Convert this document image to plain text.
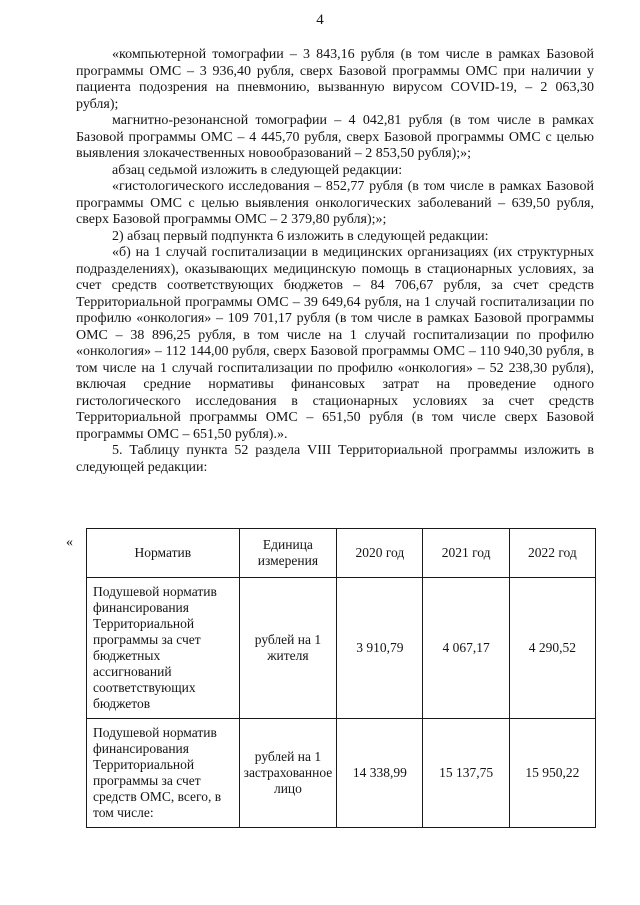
4

«компьютерной томографии – 3 843,16 рубля (в том числе в рамках Базовой программы ОМС – 3 936,40 рубля, сверх Базовой программы ОМС при наличии у пациента подозрения на пневмонию, вызванную вирусом COVID-19, – 2 063,30 рубля);

магнитно-резонансной томографии – 4 042,81 рубля (в том числе в рамках Базовой программы ОМС – 4 445,70 рубля, сверх Базовой программы ОМС с целью выявления злокачественных новообразований – 2 853,50 рубля);»;

абзац седьмой изложить в следующей редакции:

«гистологического исследования – 852,77 рубля (в том числе в рамках Базовой программы ОМС с целью выявления онкологических заболеваний – 639,50 рубля, сверх Базовой программы ОМС – 2 379,80 рубля);»;

2) абзац первый подпункта 6 изложить в следующей редакции:

«б) на 1 случай госпитализации в медицинских организациях (их структурных подразделениях), оказывающих медицинскую помощь в стационарных условиях, за счет средств соответствующих бюджетов – 84 706,67 рубля, за счет средств Территориальной программы ОМС – 39 649,64 рубля, на 1 случай госпитализации по профилю «онкология» – 109 701,17 рубля (в том числе в рамках Базовой программы ОМС – 38 896,25 рубля, в том числе на 1 случай госпитализации по профилю «онкология» – 112 144,00 рубля, сверх Базовой программы ОМС – 110 940,30 рубля, в том числе на 1 случай госпитализации по профилю «онкология» – 52 238,30 рубля), включая средние нормативы финансовых затрат на проведение одного гистологического исследования в стационарных условиях за счет средств Территориальной программы ОМС – 651,50 рубля (в том числе сверх Базовой программы ОМС – 651,50 рубля).».

5. Таблицу пункта 52 раздела VIII Территориальной программы изложить в следующей редакции:

«
Норматив	Единица измерения	2020 год	2021 год	2022 год
Подушевой норматив финансирования Территориальной программы за счет бюджетных ассигнований соответствующих бюджетов	рублей на 1 жителя	3 910,79	4 067,17	4 290,52
Подушевой норматив финансирования Территориальной программы за счет средств ОМС, всего, в том числе:	рублей на 1 застрахованное лицо	14 338,99	15 137,75	15 950,22
